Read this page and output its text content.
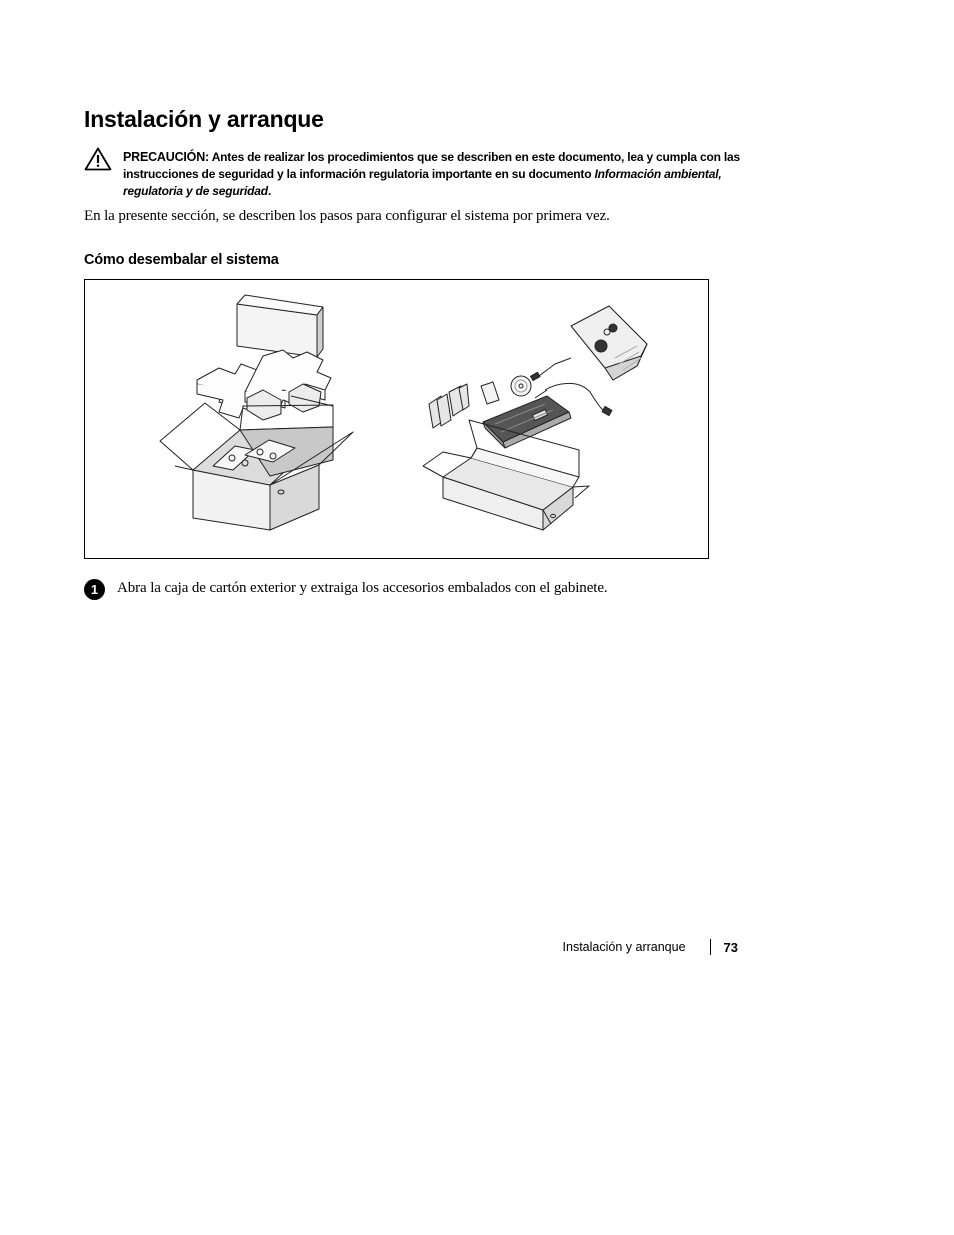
Instalación y arranque
PRECAUCIÓN: Antes de realizar los procedimientos que se describen en este documento, lea y cumpla con las instrucciones de seguridad y la información regulatoria importante en su documento Información ambiental, regulatoria y de seguridad.

En la presente sección, se describen los pasos para configurar el sistema por primera vez.

Cómo desembalar el sistema
1	Abra la caja de cartón exterior y extraiga los accesorios embalados con el gabinete.
Instalación y arranque	73
